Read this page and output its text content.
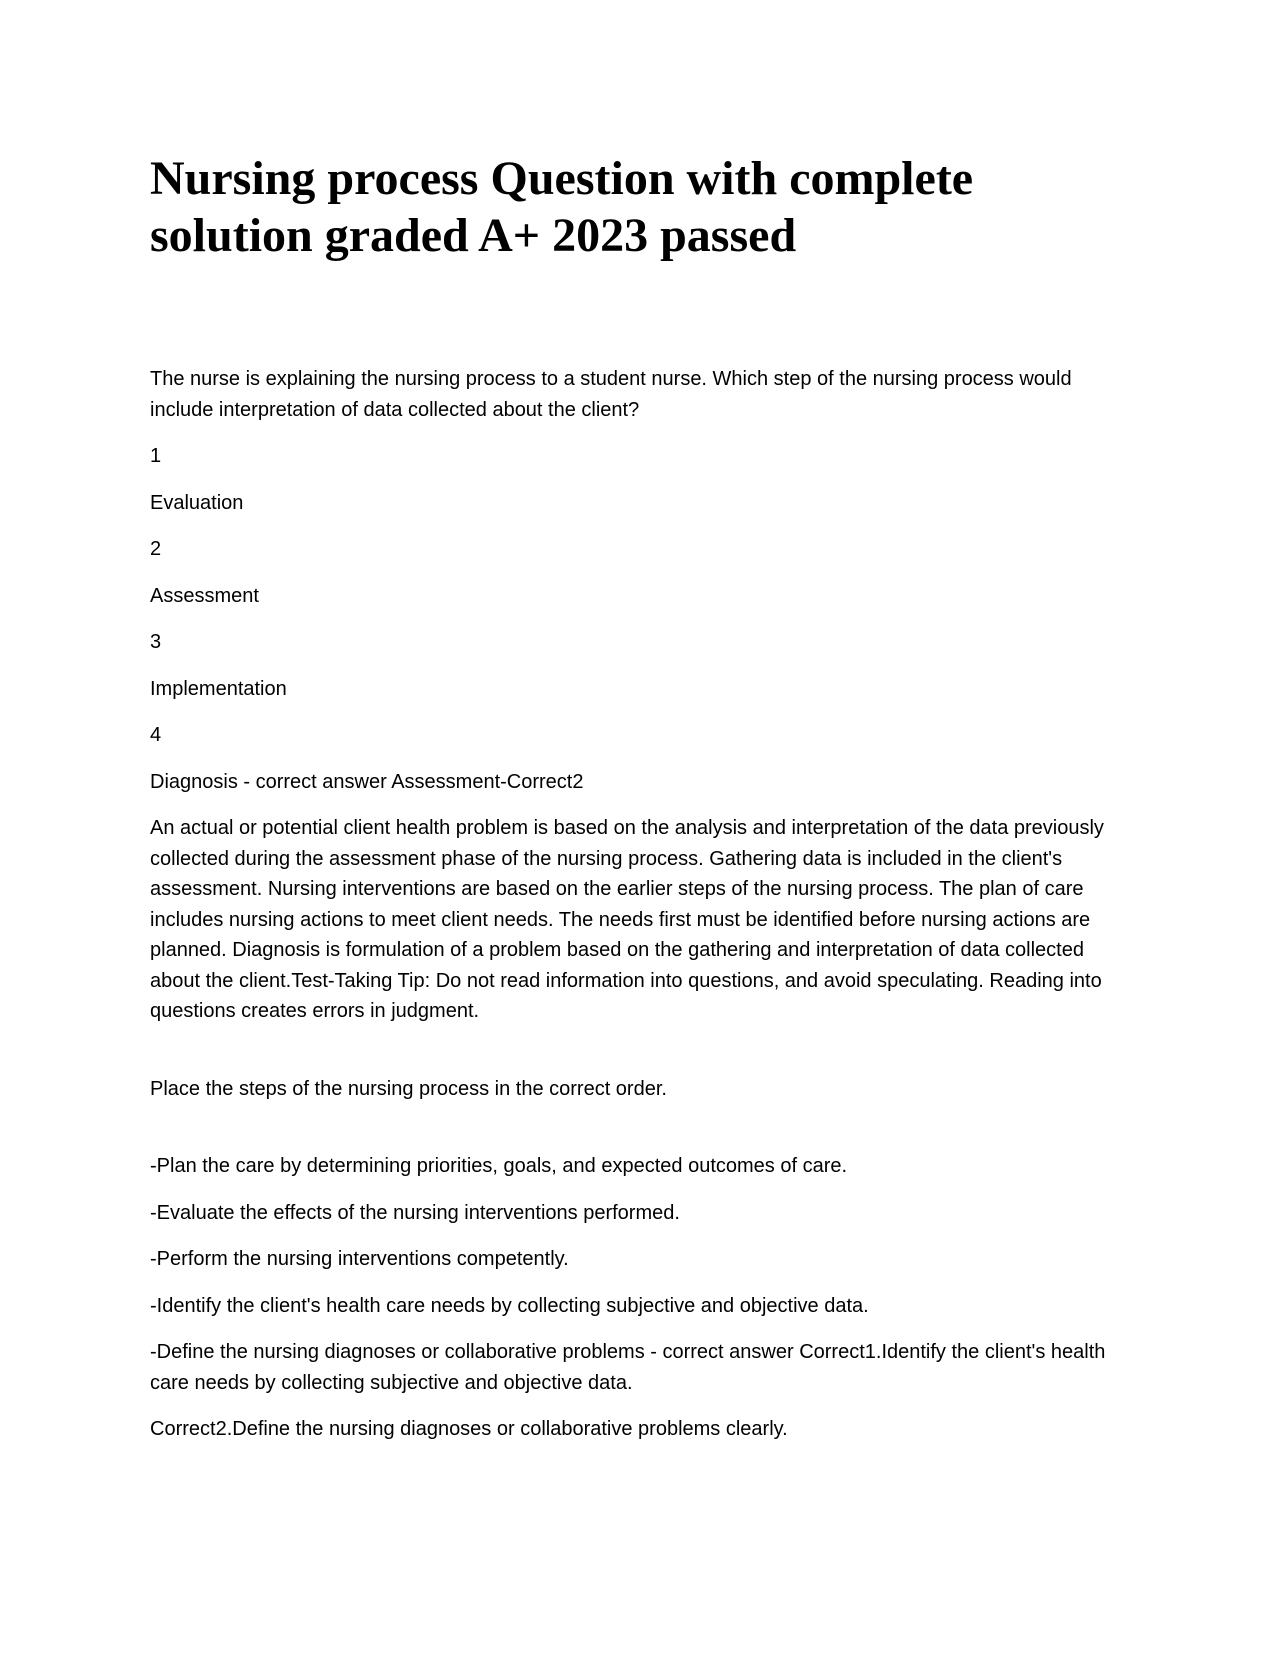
Nursing process Question with complete solution graded A+ 2023 passed

The nurse is explaining the nursing process to a student nurse. Which step of the nursing process would include interpretation of data collected about the client?

1

Evaluation

2

Assessment

3

Implementation

4

Diagnosis - correct answer Assessment-Correct2

An actual or potential client health problem is based on the analysis and interpretation of the data previously collected during the assessment phase of the nursing process. Gathering data is included in the client's assessment. Nursing interventions are based on the earlier steps of the nursing process. The plan of care includes nursing actions to meet client needs. The needs first must be identified before nursing actions are planned. Diagnosis is formulation of a problem based on the gathering and interpretation of data collected about the client.Test-Taking Tip: Do not read information into questions, and avoid speculating. Reading into questions creates errors in judgment.

Place the steps of the nursing process in the correct order.

-Plan the care by determining priorities, goals, and expected outcomes of care.

-Evaluate the effects of the nursing interventions performed.

-Perform the nursing interventions competently.

-Identify the client's health care needs by collecting subjective and objective data.

-Define the nursing diagnoses or collaborative problems - correct answer Correct1.Identify the client's health care needs by collecting subjective and objective data.

Correct2.Define the nursing diagnoses or collaborative problems clearly.
